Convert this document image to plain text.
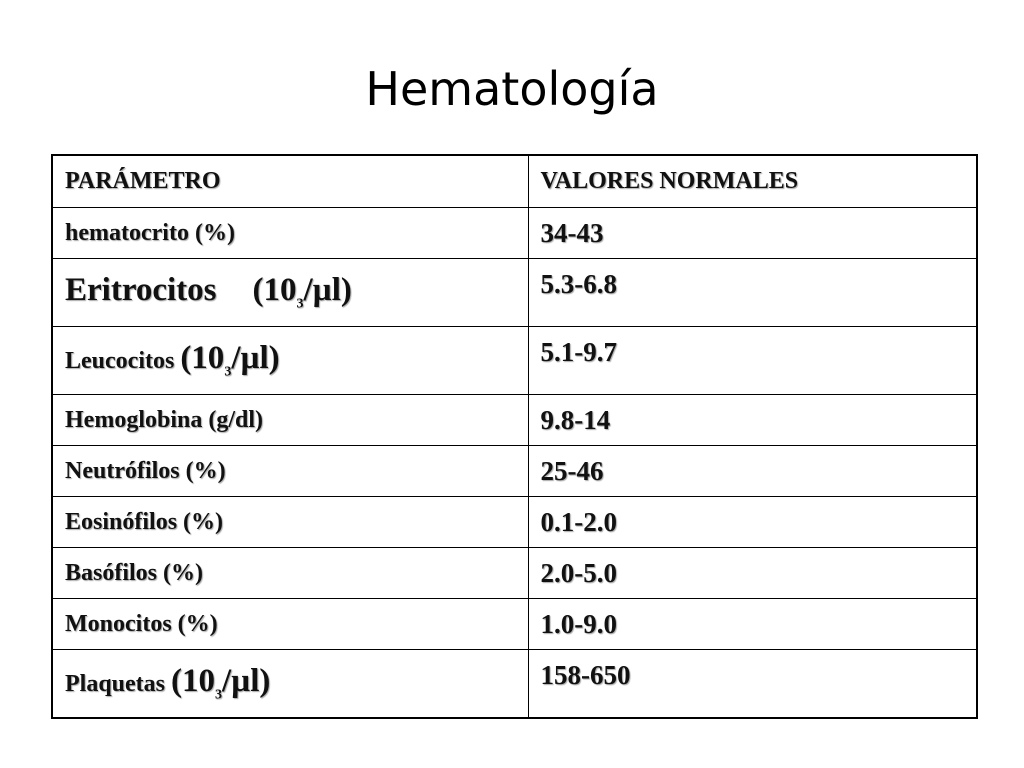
Hematología
PARÁMETRO	VALORES NORMALES
hematocrito (%)	34-43
Eritrocitos $(10_3/\mu l)$	5.3-6.8
Leucocitos $(10_3/\mu l)$	5.1-9.7
Hemoglobina (g/dl)	9.8-14
Neutrófilos (%)	25-46
Eosinófilos (%)	0.1-2.0
Basófilos (%)	2.0-5.0
Monocitos (%)	1.0-9.0
Plaquetas $(10_3/\mu l)$	158-650
